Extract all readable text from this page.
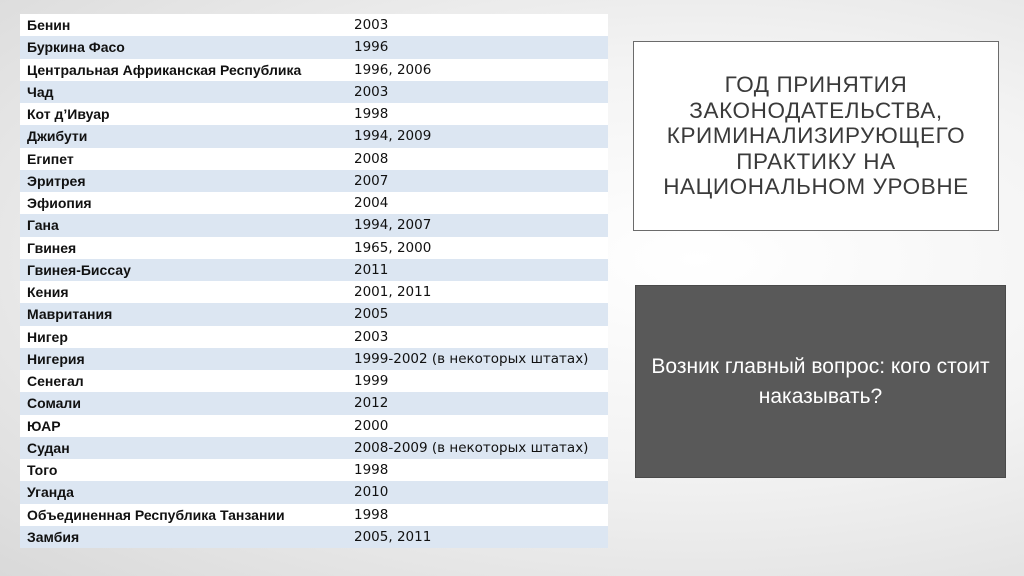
Бенин	2003
Буркина Фасо	1996
Центральная Африканская Республика	1996, 2006
Чад	2003
Кот д’Ивуар	1998
Джибути	1994, 2009
Египет	2008
Эритрея	2007
Эфиопия	2004
Гана	1994, 2007
Гвинея	1965, 2000
Гвинея-Биссау	2011
Кения	2001, 2011
Мавритания	2005
Нигер	2003
Нигерия	1999-2002 (в некоторых штатах)
Сенегал	1999
Сомали	2012
ЮАР	2000
Судан	2008-2009 (в некоторых штатах)
Того	1998
Уганда	2010
Объединенная Республика Танзании	1998
Замбия	2005, 2011
ГОД ПРИНЯТИЯ ЗАКОНОДАТЕЛЬСТВА, КРИМИНАЛИЗИРУЮЩЕГО ПРАКТИКУ НА НАЦИОНАЛЬНОМ УРОВНЕ
Возник главный вопрос: кого стоит наказывать?
